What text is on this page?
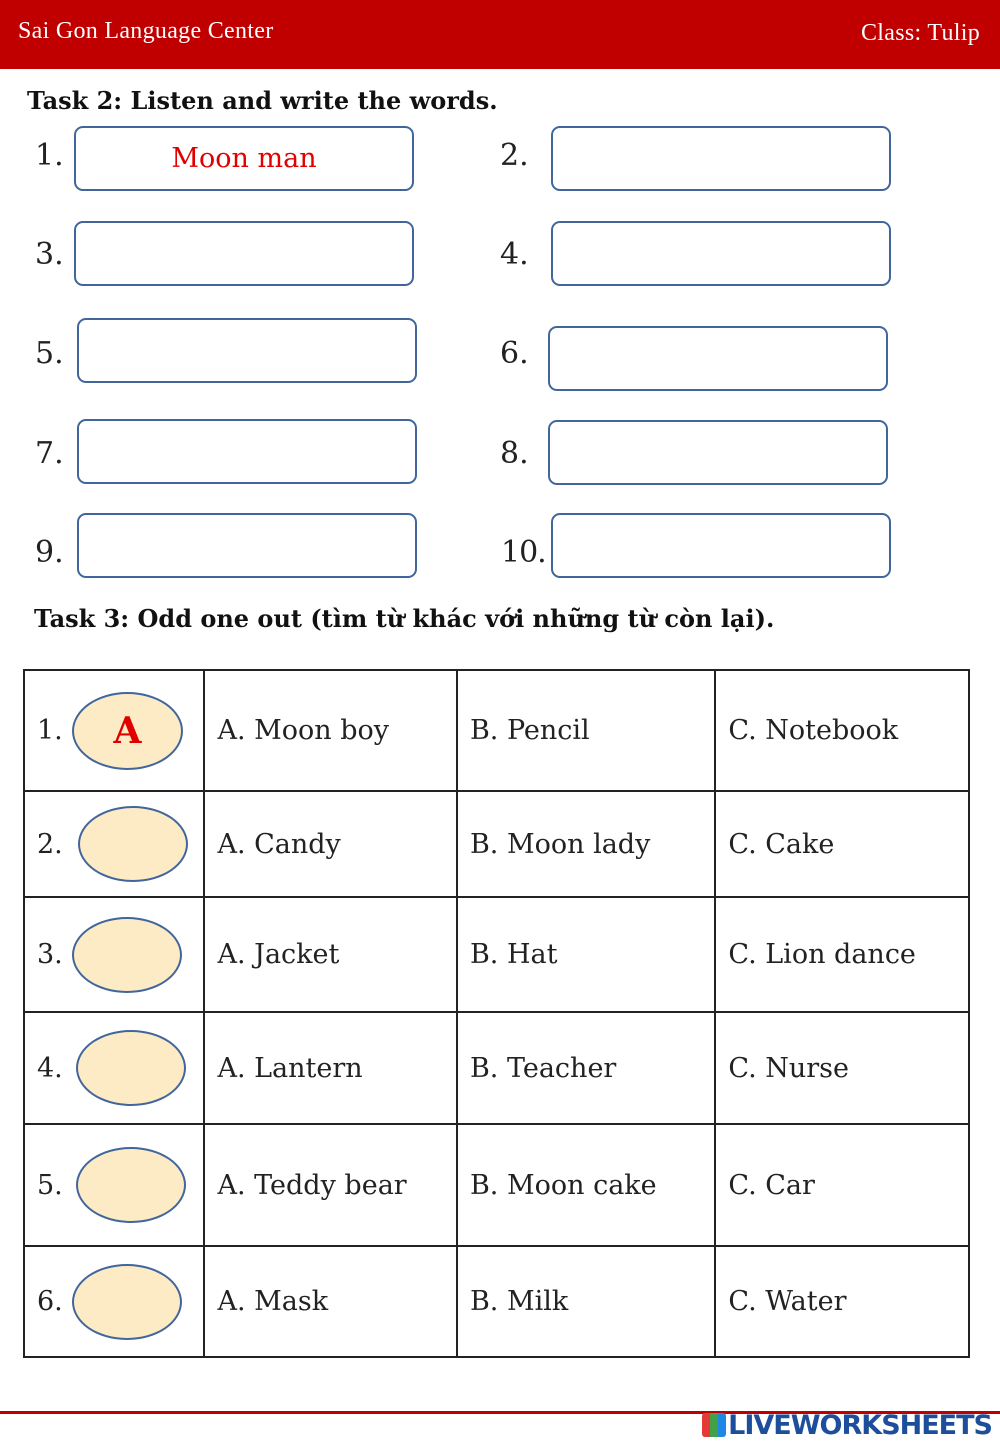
Sai Gon Language Center	Class: Tulip
Task 2: Listen and write the words.
1.	Moon man	2.
3.	4.
5.	6.
7.	8.
9.	10.
Task 3: Odd one out (tìm từ khác với những từ còn lại).
1. A	A. Moon boy	B. Pencil	C. Notebook
2.	A. Candy	B. Moon lady	C. Cake
3.	A. Jacket	B. Hat	C. Lion dance
4.	A. Lantern	B. Teacher	C. Nurse
5.	A. Teddy bear	B. Moon cake	C. Car
6.	A. Mask	B. Milk	C. Water
LIVEWORKSHEETS
